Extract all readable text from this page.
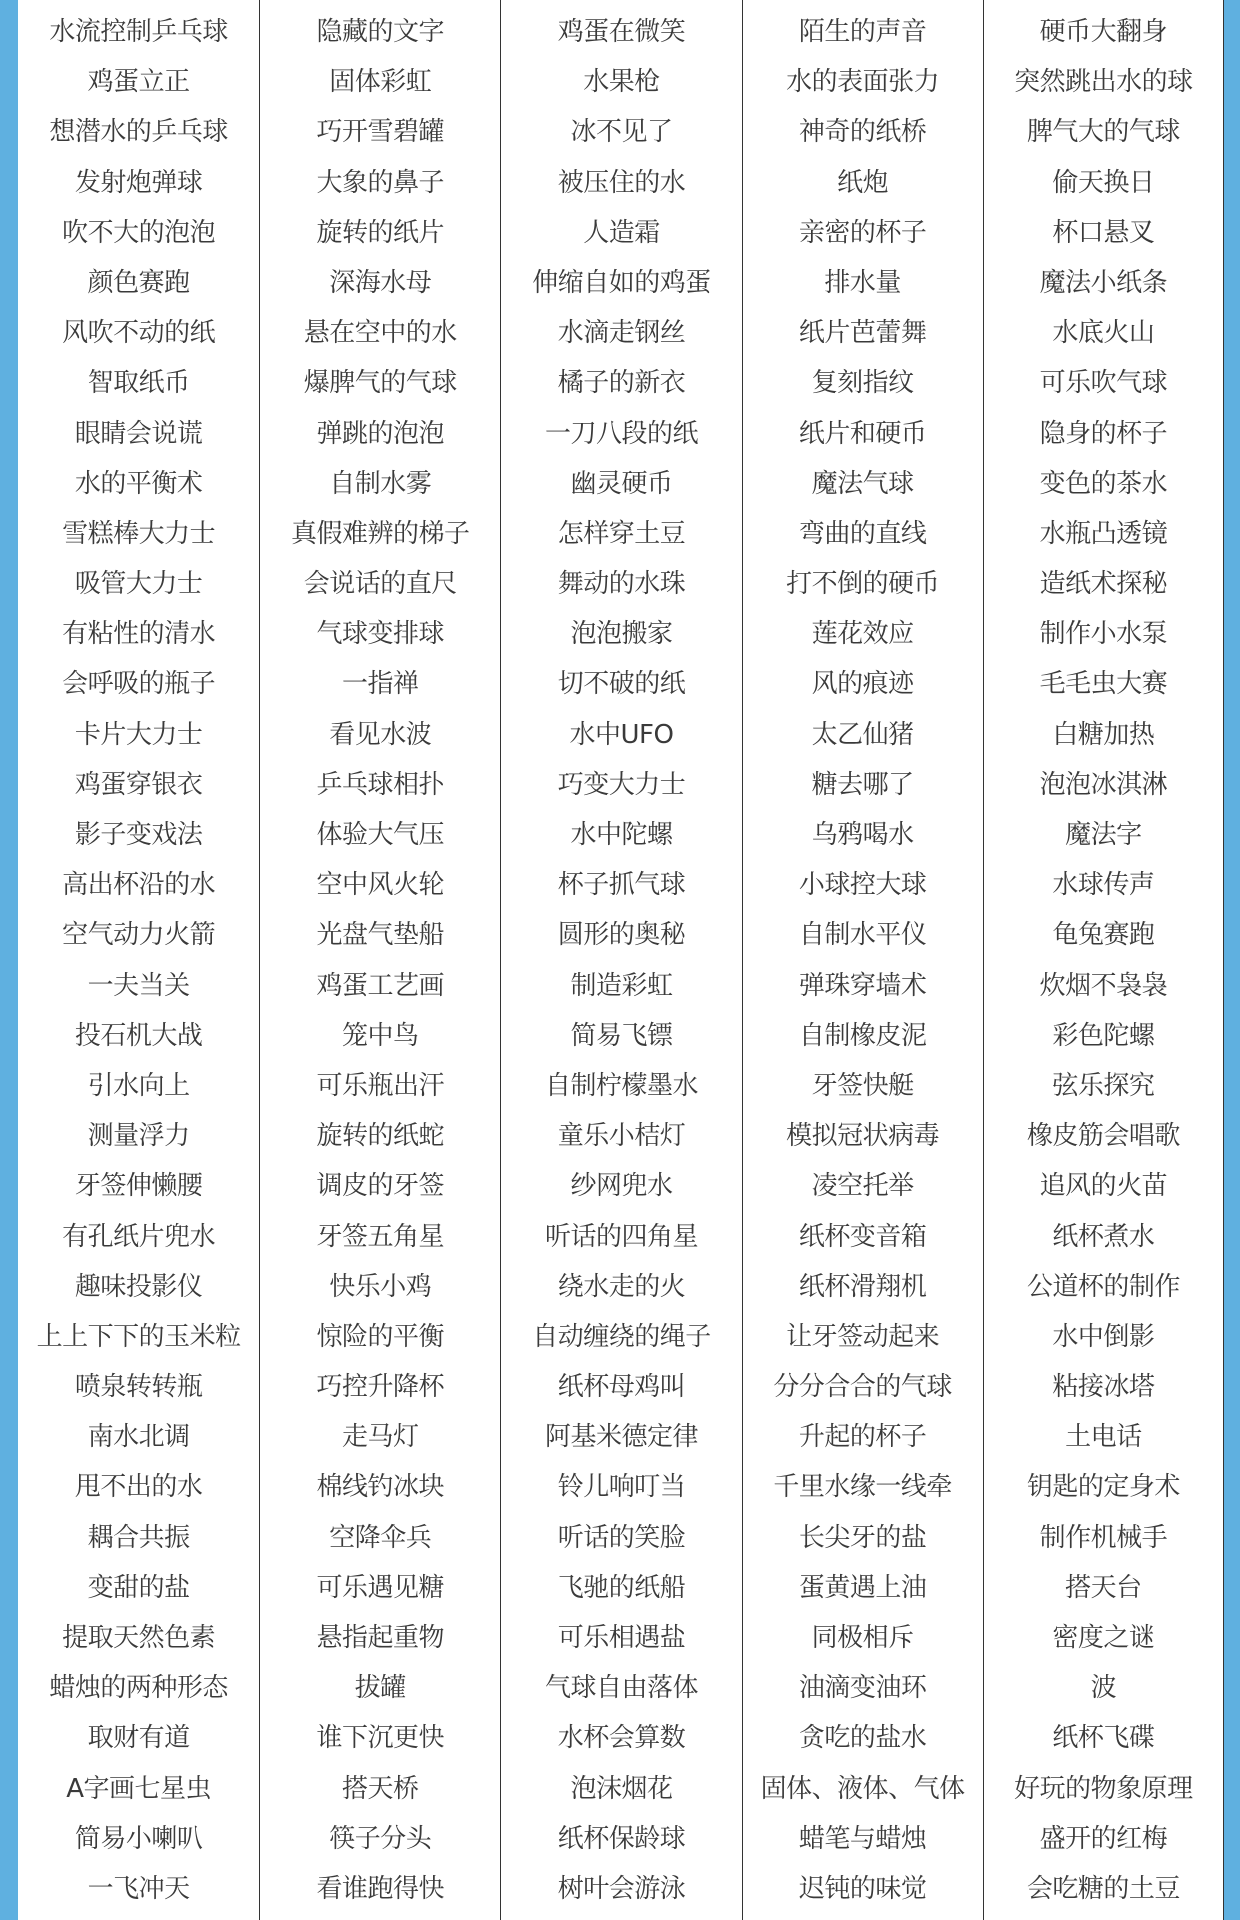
水流控制乒乓球
鸡蛋立正
想潜水的乒乓球
发射炮弹球
吹不大的泡泡
颜色赛跑
风吹不动的纸
智取纸币
眼睛会说谎
水的平衡术
雪糕棒大力士
吸管大力士
有粘性的清水
会呼吸的瓶子
卡片大力士
鸡蛋穿银衣
影子变戏法
高出杯沿的水
空气动力火箭
一夫当关
投石机大战
引水向上
测量浮力
牙签伸懒腰
有孔纸片兜水
趣味投影仪
上上下下的玉米粒
喷泉转转瓶
南水北调
甩不出的水
耦合共振
变甜的盐
提取天然色素
蜡烛的两种形态
取财有道
A字画七星虫
简易小喇叭
一飞冲天
隐藏的文字
固体彩虹
巧开雪碧罐
大象的鼻子
旋转的纸片
深海水母
悬在空中的水
爆脾气的气球
弹跳的泡泡
自制水雾
真假难辨的梯子
会说话的直尺
气球变排球
一指禅
看见水波
乒乓球相扑
体验大气压
空中风火轮
光盘气垫船
鸡蛋工艺画
笼中鸟
可乐瓶出汗
旋转的纸蛇
调皮的牙签
牙签五角星
快乐小鸡
惊险的平衡
巧控升降杯
走马灯
棉线钓冰块
空降伞兵
可乐遇见糖
悬指起重物
拔罐
谁下沉更快
搭天桥
筷子分头
看谁跑得快
鸡蛋在微笑
水果枪
冰不见了
被压住的水
人造霜
伸缩自如的鸡蛋
水滴走钢丝
橘子的新衣
一刀八段的纸
幽灵硬币
怎样穿土豆
舞动的水珠
泡泡搬家
切不破的纸
水中UFO
巧变大力士
水中陀螺
杯子抓气球
圆形的奥秘
制造彩虹
简易飞镖
自制柠檬墨水
童乐小桔灯
纱网兜水
听话的四角星
绕水走的火
自动缠绕的绳子
纸杯母鸡叫
阿基米德定律
铃儿响叮当
听话的笑脸
飞驰的纸船
可乐相遇盐
气球自由落体
水杯会算数
泡沫烟花
纸杯保龄球
树叶会游泳
陌生的声音
水的表面张力
神奇的纸桥
纸炮
亲密的杯子
排水量
纸片芭蕾舞
复刻指纹
纸片和硬币
魔法气球
弯曲的直线
打不倒的硬币
莲花效应
风的痕迹
太乙仙猪
糖去哪了
乌鸦喝水
小球控大球
自制水平仪
弹珠穿墙术
自制橡皮泥
牙签快艇
模拟冠状病毒
凌空托举
纸杯变音箱
纸杯滑翔机
让牙签动起来
分分合合的气球
升起的杯子
千里水缘一线牵
长尖牙的盐
蛋黄遇上油
同极相斥
油滴变油环
贪吃的盐水
固体、液体、气体
蜡笔与蜡烛
迟钝的味觉
硬币大翻身
突然跳出水的球
脾气大的气球
偷天换日
杯口悬叉
魔法小纸条
水底火山
可乐吹气球
隐身的杯子
变色的茶水
水瓶凸透镜
造纸术探秘
制作小水泵
毛毛虫大赛
白糖加热
泡泡冰淇淋
魔法字
水球传声
龟兔赛跑
炊烟不袅袅
彩色陀螺
弦乐探究
橡皮筋会唱歌
追风的火苗
纸杯煮水
公道杯的制作
水中倒影
粘接冰塔
土电话
钥匙的定身术
制作机械手
搭天台
密度之谜
波
纸杯飞碟
好玩的物象原理
盛开的红梅
会吃糖的土豆
